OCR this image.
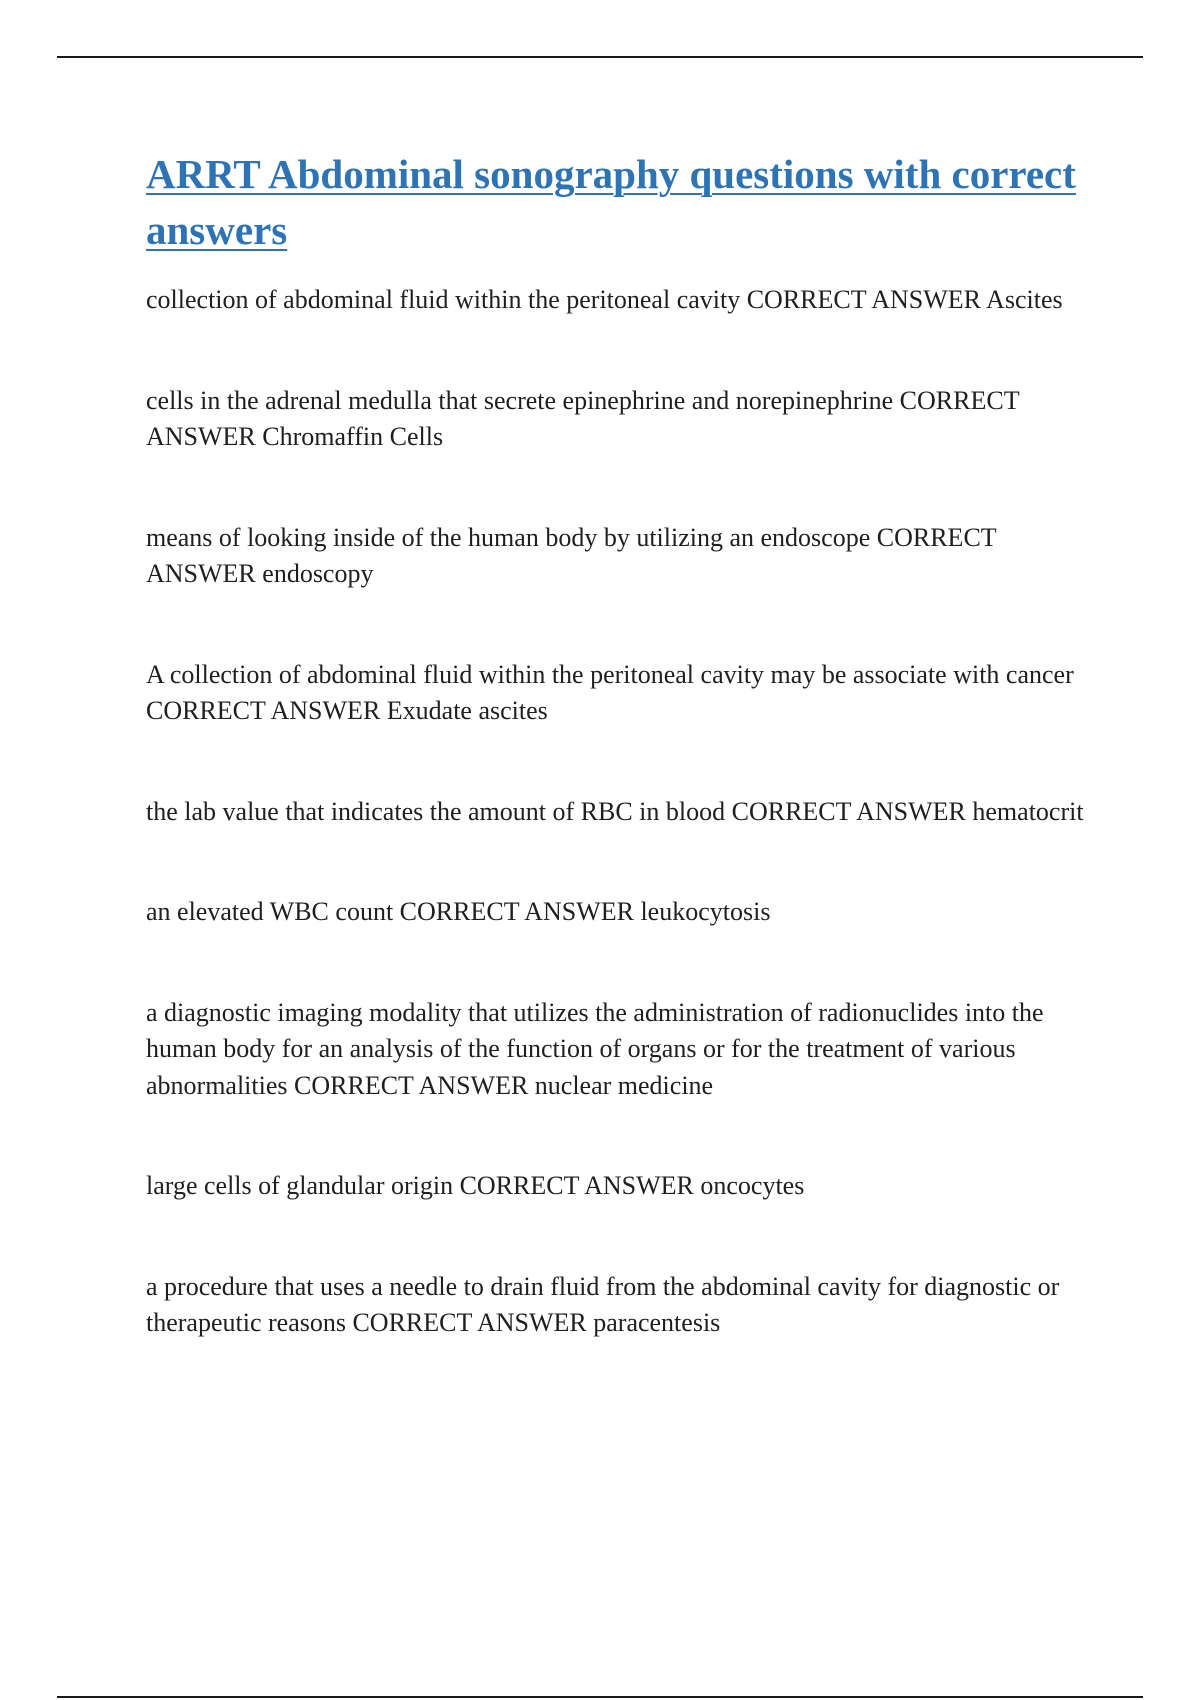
ARRT Abdominal sonography questions with correct answers
collection of abdominal fluid within the peritoneal cavity CORRECT ANSWER Ascites
cells in the adrenal medulla that secrete epinephrine and norepinephrine CORRECT ANSWER Chromaffin Cells
means of looking inside of the human body by utilizing an endoscope CORRECT ANSWER endoscopy
A collection of abdominal fluid within the peritoneal cavity may be associate with cancer CORRECT ANSWER Exudate ascites
the lab value that indicates the amount of RBC in blood CORRECT ANSWER hematocrit
an elevated WBC count CORRECT ANSWER leukocytosis
a diagnostic imaging modality that utilizes the administration of radionuclides into the human body for an analysis of the function of organs or for the treatment of various abnormalities CORRECT ANSWER nuclear medicine
large cells of glandular origin CORRECT ANSWER oncocytes
a procedure that uses a needle to drain fluid from the abdominal cavity for diagnostic or therapeutic reasons CORRECT ANSWER paracentesis
